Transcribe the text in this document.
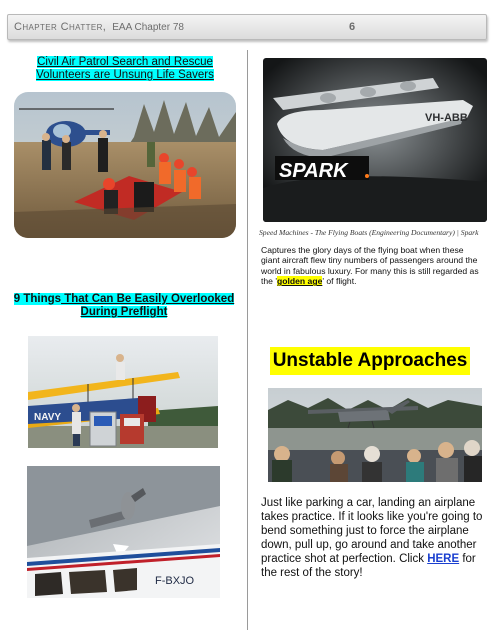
Chapter Chatter, EAA Chapter 78	6
Civil Air Patrol Search and Rescue
Volunteers are Unsung Life Savers
9 Things That Can Be Easily Overlooked
During Preflight
NAVY
F-BXJO
VH-ABB
SPARK
Speed Machines - The Flying Boats (Engineering Documentary) | Spark
Captures the glory days of the flying boat when these giant aircraft flew tiny numbers of passengers around the world in fabulous luxury. For many this is still regarded as the 'golden age' of flight.
Unstable Approaches
Just like parking a car, landing an airplane takes practice. If it looks like you're going to bend something just to force the airplane down, pull up, go around and take another practice shot at perfection. Click HERE for the rest of the story!
